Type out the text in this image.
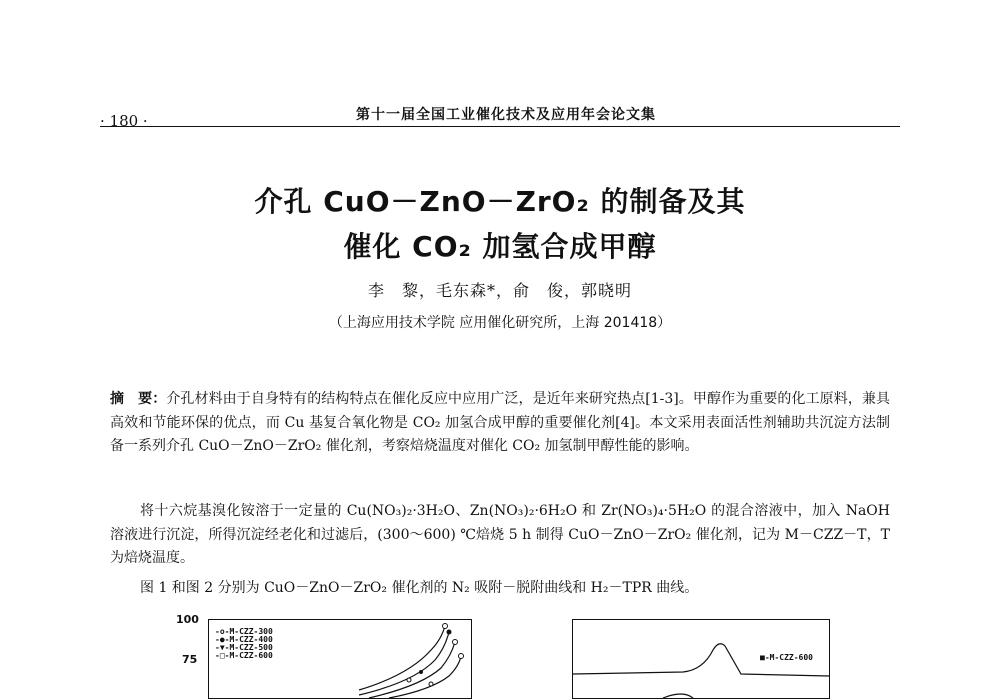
· 180 ·	第十一届全国工业催化技术及应用年会论文集
介孔 CuO－ZnO－ZrO₂ 的制备及其
催化 CO₂ 加氢合成甲醇
李　黎，毛东森*，俞　俊，郭晓明
（上海应用技术学院 应用催化研究所，上海 201418）
摘　要：介孔材料由于自身特有的结构特点在催化反应中应用广泛，是近年来研究热点[1-3]。甲醇作为重要的化工原料，兼具高效和节能环保的优点，而 Cu 基复合氧化物是 CO₂ 加氢合成甲醇的重要催化剂[4]。本文采用表面活性剂辅助共沉淀方法制备一系列介孔 CuO－ZnO－ZrO₂ 催化剂，考察焙烧温度对催化 CO₂ 加氢制甲醇性能的影响。
将十六烷基溴化铵溶于一定量的 Cu(NO₃)₂·3H₂O、Zn(NO₃)₂·6H₂O 和 Zr(NO₃)₄·5H₂O 的混合溶液中，加入 NaOH 溶液进行沉淀，所得沉淀经老化和过滤后，(300～600) ℃焙烧 5 h 制得 CuO－ZnO－ZrO₂ 催化剂，记为 M－CZZ－T，T 为焙烧温度。
图 1 和图 2 分别为 CuO－ZnO－ZrO₂ 催化剂的 N₂ 吸附－脱附曲线和 H₂－TPR 曲线。
100
75
-o-M-CZZ-300
-●-M-CZZ-400
-▼-M-CZZ-500
-□-M-CZZ-600	■-M-CZZ-600
